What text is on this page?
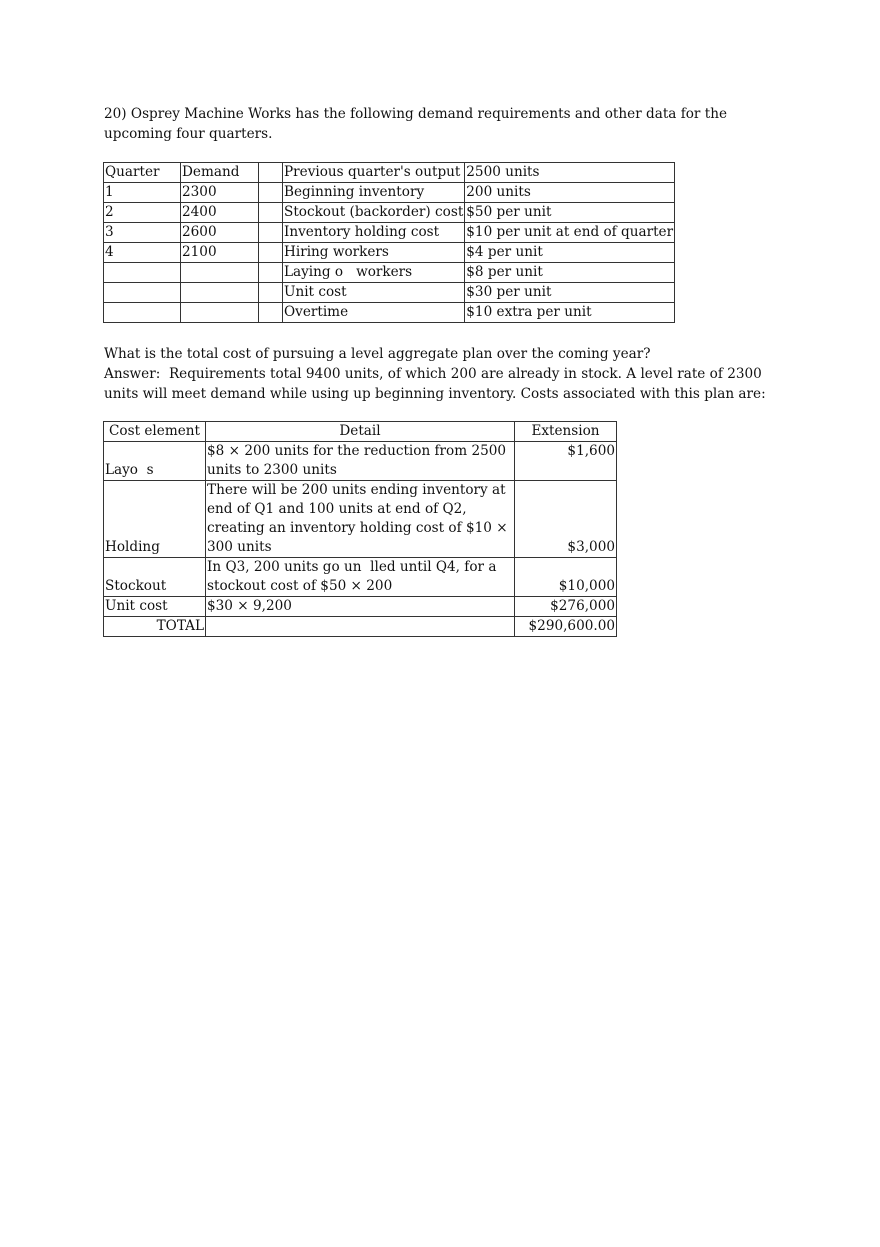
20) Osprey Machine Works has the following demand requirements and other data for the upcoming four quarters.

Quarter	Demand		Previous quarter's output	2500 units
1	2300		Beginning inventory	200 units
2	2400		Stockout (backorder) cost	$50 per unit
3	2600		Inventory holding cost	$10 per unit at end of quarter
4	2100		Hiring workers	$4 per unit
			Laying o   workers	$8 per unit
			Unit cost	$30 per unit
			Overtime	$10 extra per unit
What is the total cost of pursuing a level aggregate plan over the coming year?
Answer:  Requirements total 9400 units, of which 200 are already in stock. A level rate of 2300 units will meet demand while using up beginning inventory. Costs associated with this plan are:
Cost element	Detail	Extension
Layo  s	$8 × 200 units for the reduction from 2500 units to 2300 units	$1,600
Holding	There will be 200 units ending inventory at end of Q1 and 100 units at end of Q2, creating an inventory holding cost of $10 × 300 units	$3,000
Stockout	In Q3, 200 units go un  lled until Q4, for a stockout cost of $50 × 200	$10,000
Unit cost	$30 × 9,200	$276,000
TOTAL		$290,600.00
